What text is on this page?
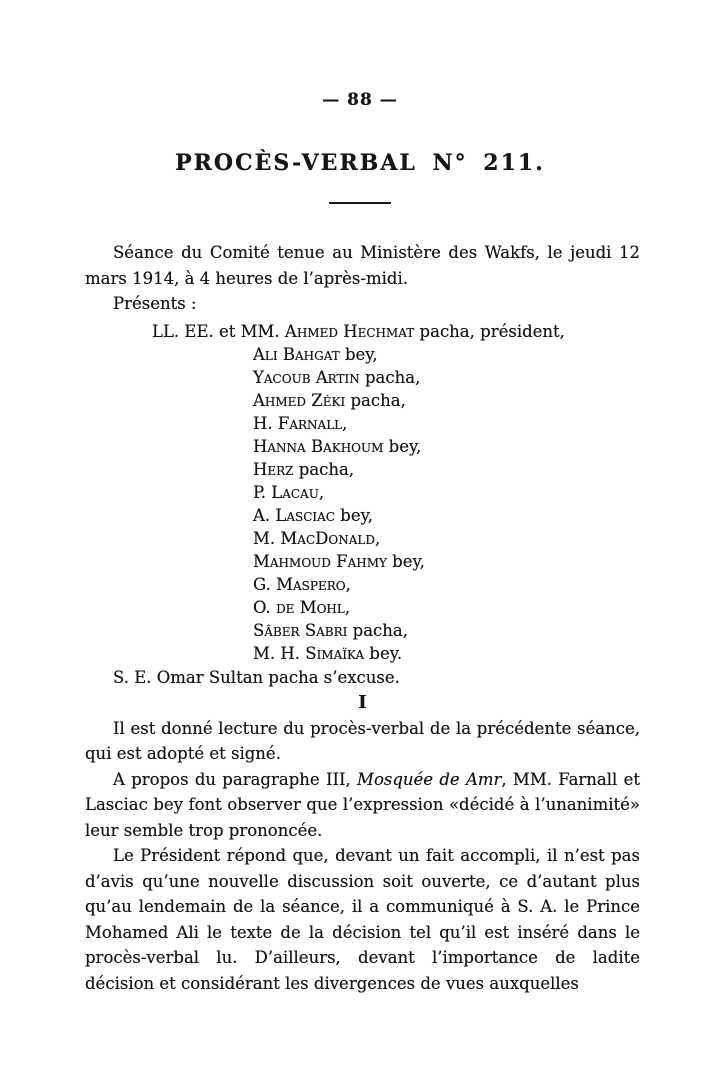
— 88 —
PROCÈS-VERBAL N° 211.

Séance du Comité tenue au Ministère des Wakfs, le jeudi 12 mars 1914, à 4 heures de l’après-midi.

Présents :

LL. EE. et MM. Ahmed Hechmat pacha, président,
Ali Bahgat bey,
Yacoub Artin pacha,
Ahmed Zéki pacha,
H. Farnall,
Hanna Bakhoum bey,
Herz pacha,
P. Lacau,
A. Lasciac bey,
M. MacDonald,
Mahmoud Fahmy bey,
G. Maspero,
O. de Mohl,
Sâber Sabri pacha,
M. H. Simaïka bey.

S. E. Omar Sultan pacha s’excuse.

I

Il est donné lecture du procès-verbal de la précédente séance, qui est adopté et signé.

A propos du paragraphe III, Mosquée de Amr, MM. Farnall et Lasciac bey font observer que l’expression «décidé à l’unanimité» leur semble trop prononcée.

Le Président répond que, devant un fait accompli, il n’est pas d’avis qu’une nouvelle discussion soit ouverte, ce d’autant plus qu’au lendemain de la séance, il a communiqué à S. A. le Prince Mohamed Ali le texte de la décision tel qu’il est inséré dans le procès-verbal lu. D’ailleurs, devant l’importance de ladite décision et considérant les divergences de vues auxquelles
